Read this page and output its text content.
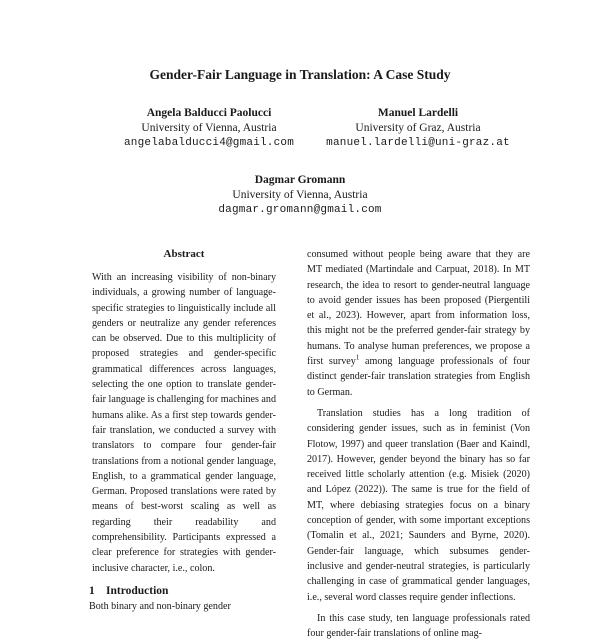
Gender-Fair Language in Translation: A Case Study
Angela Balducci Paolucci
University of Vienna, Austria
angelabalducci4@gmail.com
Manuel Lardelli
University of Graz, Austria
manuel.lardelli@uni-graz.at
Dagmar Gromann
University of Vienna, Austria
dagmar.gromann@gmail.com
Abstract

With an increasing visibility of non-binary individuals, a growing number of language-specific strategies to linguistically include all genders or neutralize any gender references can be observed. Due to this multiplicity of proposed strategies and gender-specific grammatical differences across languages, selecting the one option to translate gender-fair language is challenging for machines and humans alike. As a first step towards gender-fair translation, we conducted a survey with translators to compare four gender-fair translations from a notional gender language, English, to a grammatical gender language, German. Proposed translations were rated by means of best-worst scaling as well as regarding their readability and comprehensibility. Participants expressed a clear preference for strategies with gender-inclusive character, i.e., colon.

1 Introduction

Both binary and non-binary gender

consumed without people being aware that they are MT mediated (Martindale and Carpuat, 2018). In MT research, the idea to resort to gender-neutral language to avoid gender issues has been proposed (Piergentili et al., 2023). However, apart from information loss, this might not be the preferred gender-fair strategy by humans. To analyse human preferences, we propose a first survey$^1$ among language professionals of four distinct gender-fair translation strategies from English to German.

Translation studies has a long tradition of considering gender issues, such as in feminist (Von Flotow, 1997) and queer translation (Baer and Kaindl, 2017). However, gender beyond the binary has so far received little scholarly attention (e.g. Misiek (2020) and López (2022)). The same is true for the field of MT, where debiasing strategies focus on a binary conception of gender, with some important exceptions (Tomalin et al., 2021; Saunders and Byrne, 2020). Gender-fair language, which subsumes gender-inclusive and gender-neutral strategies, is particularly challenging in case of grammatical gender languages, i.e., several word classes require gender inflections.

In this case study, ten language professionals rated four gender-fair translations of online mag-
